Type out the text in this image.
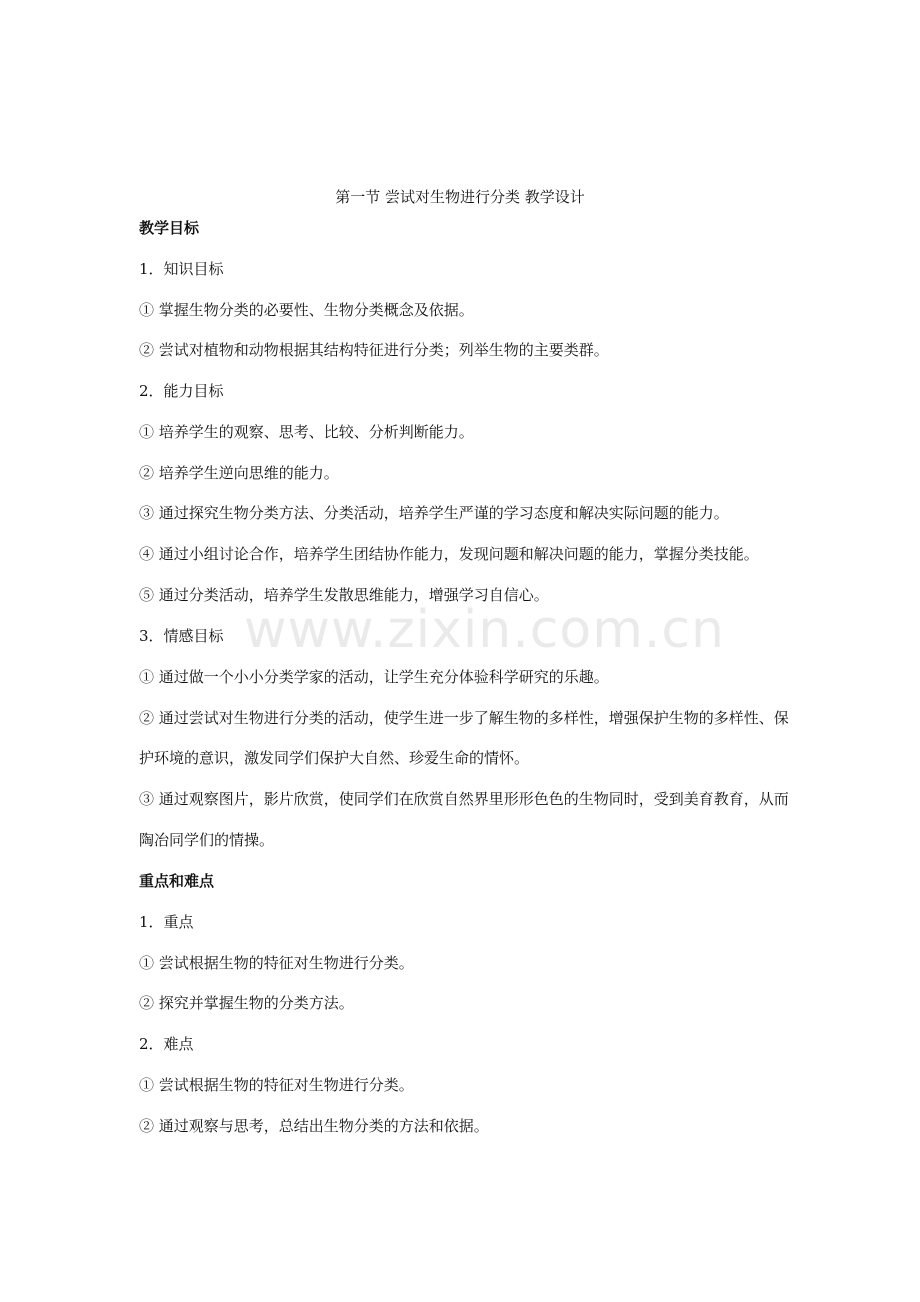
第一节 尝试对生物进行分类 教学设计

教学目标

1．知识目标

① 掌握生物分类的必要性、生物分类概念及依据。

② 尝试对植物和动物根据其结构特征进行分类；列举生物的主要类群。

2．能力目标

① 培养学生的观察、思考、比较、分析判断能力。

② 培养学生逆向思维的能力。

③ 通过探究生物分类方法、分类活动，培养学生严谨的学习态度和解决实际问题的能力。

④ 通过小组讨论合作，培养学生团结协作能力，发现问题和解决问题的能力，掌握分类技能。

⑤ 通过分类活动，培养学生发散思维能力，增强学习自信心。

3．情感目标

① 通过做一个小小分类学家的活动，让学生充分体验科学研究的乐趣。

② 通过尝试对生物进行分类的活动，使学生进一步了解生物的多样性，增强保护生物的多样性、保护环境的意识，激发同学们保护大自然、珍爱生命的情怀。

③ 通过观察图片，影片欣赏，使同学们在欣赏自然界里形形色色的生物同时，受到美育教育，从而陶冶同学们的情操。

重点和难点

1．重点

① 尝试根据生物的特征对生物进行分类。

② 探究并掌握生物的分类方法。

2．难点

① 尝试根据生物的特征对生物进行分类。

② 通过观察与思考，总结出生物分类的方法和依据。

www.zixin.com.cn
